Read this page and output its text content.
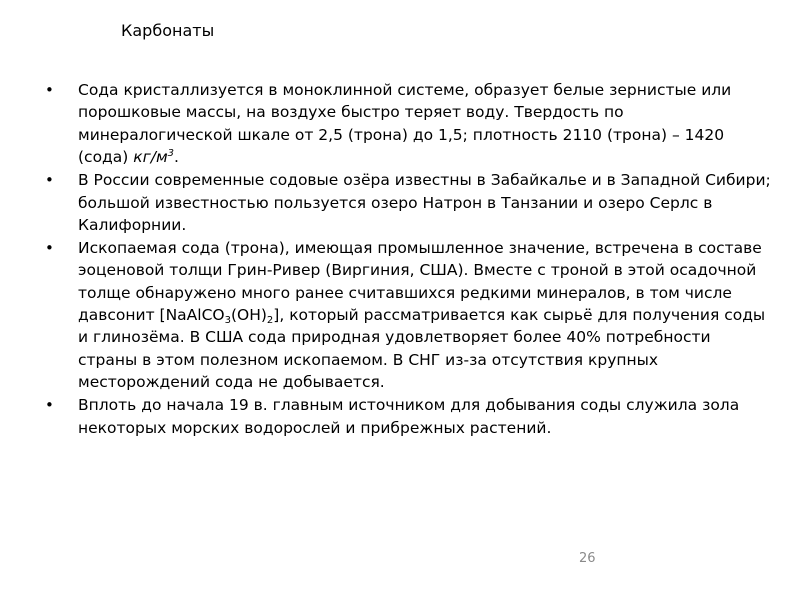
Карбонаты
• Сода кристаллизуется в моноклинной системе, образует белые зернистые или порошковые массы, на воздухе быстро теряет воду. Твердость по минералогической шкале от 2,5 (трона) до 1,5; плотность 2110 (трона) – 1420 (сода) $кг/м^3$.
• В России современные содовые озёра известны в Забайкалье и в Западной Сибири; большой известностью пользуется озеро Натрон в Танзании и озеро Серлс в Калифорнии.
• Ископаемая сода (трона), имеющая промышленное значение, встречена в составе эоценовой толщи Грин-Ривер (Виргиния, США). Вместе с троной в этой осадочной толще обнаружено много ранее считавшихся редкими минералов, в том числе давсонит $[NaAlCO_3(OH)_2]$, который рассматривается как сырьё для получения соды и глинозёма. В США сода природная удовлетворяет более 40% потребности страны в этом полезном ископаемом. В СНГ из-за отсутствия крупных месторождений сода не добывается.
• Вплоть до начала 19 в. главным источником для добывания соды служила зола некоторых морских водорослей и прибрежных растений.
26
